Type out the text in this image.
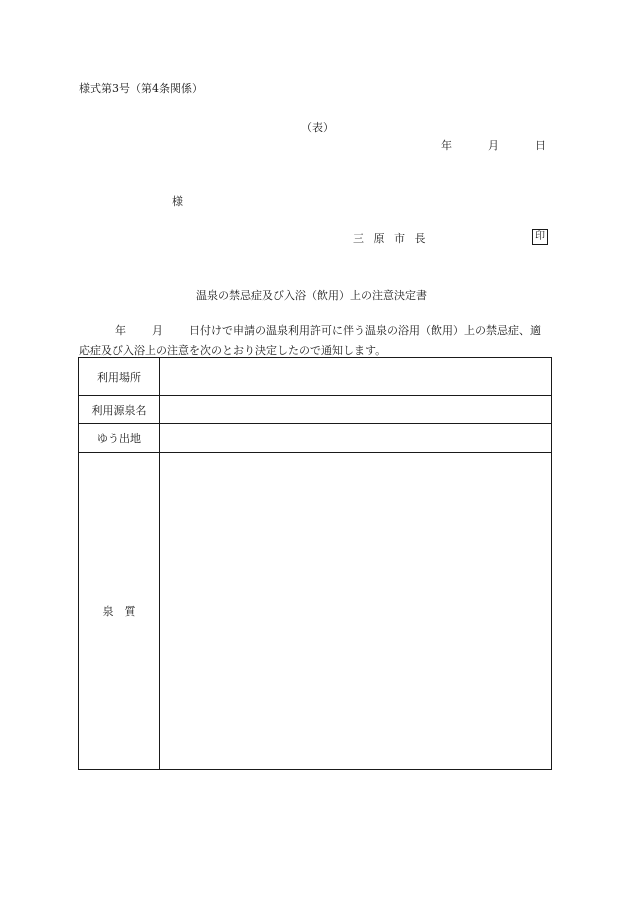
様式第3号（第4条関係）
（表）
年	月	日
様
三 原 市 長	印
温泉の禁忌症及び入浴（飲用）上の注意決定書
年 月 日付けで申請の温泉利用許可に伴う温泉の浴用（飲用）上の禁忌症、適
応症及び入浴上の注意を次のとおり決定したので通知します。
利用場所	
利用源泉名	
ゆう出地	
泉　質	
